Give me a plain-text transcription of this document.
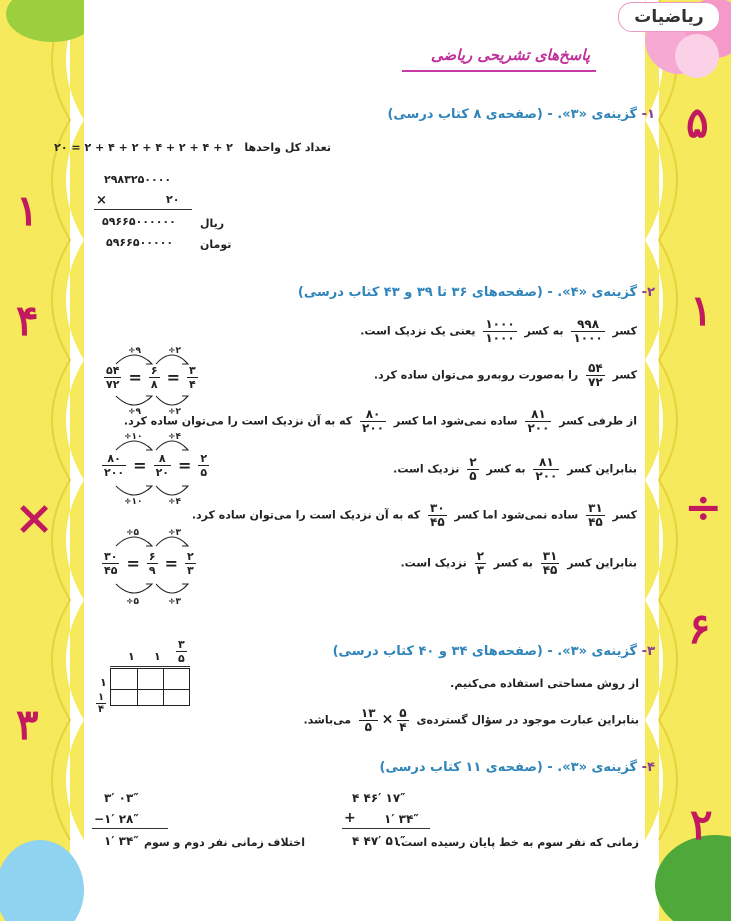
ریاضیات
۵
۱
÷
۶
۲
۱
۴
×
۳
پاسخ‌های تشریحی ریاضی
۱- گزینه‌ی «۳». - (صفحه‌ی ۸ کتاب درسی)
تعداد کل واحدها   ۲ + ۴ + ۲ + ۴ + ۲ + ۴ + ۲ = ۲۰
۲۹۸۳۲۵۰۰۰۰
×	۲۰
۵۹۶۶۵۰۰۰۰۰۰ ریال
۵۹۶۶۵۰۰۰۰۰ تومان
۲- گزینه‌ی «۴». - (صفحه‌های ۳۶ تا ۳۹ و ۴۳ کتاب درسی)
کسر
$\frac{۹۹۸}{۱۰۰۰}$
به کسر
$\frac{۱۰۰۰}{۱۰۰۰}$
یعنی یک نزدیک است.
کسر
$\frac{۵۴}{۷۲}$
را به‌صورت روبه‌رو می‌توان ساده کرد.
از طرفی کسر
$\frac{۸۱}{۲۰۰}$
ساده نمی‌شود اما کسر
$\frac{۸۰}{۲۰۰}$
که به آن نزدیک است را می‌توان ساده کرد.
بنابراین کسر
$\frac{۸۱}{۲۰۰}$
به کسر
$\frac{۲}{۵}$
نزدیک است.
کسر
$\frac{۳۱}{۴۵}$
ساده نمی‌شود اما کسر
$\frac{۳۰}{۴۵}$
که به آن نزدیک است را می‌توان ساده کرد.
بنابراین کسر
$\frac{۳۱}{۴۵}$
به کسر
$\frac{۲}{۳}$
نزدیک است.
÷۹	÷۲
÷۹	÷۲
$\frac{۵۴}{۷۲} = \frac{۶}{۸} = \frac{۳}{۴}$
÷۱۰	÷۴
÷۱۰	÷۴
$\frac{۸۰}{۲۰۰} = \frac{۸}{۲۰} = \frac{۲}{۵}$
÷۵	÷۳
÷۵	÷۳
$\frac{۳۰}{۴۵} = \frac{۶}{۹} = \frac{۲}{۳}$
۳- گزینه‌ی «۳». - (صفحه‌های ۳۴ و ۴۰ کتاب درسی)
از روش مساحتی استفاده می‌کنیم.
بنابراین عبارت موجود در سؤال گسترده‌ی
$\frac{۵}{۴}$
×
$\frac{۱۳}{۵}$
می‌باشد.
۱ ۱ $\frac{۳}{۵}$
۱
$\frac{۱}{۴}$
۴- گزینه‌ی «۳». - (صفحه‌ی ۱۱ کتاب درسی)
۴ ۴۶′ ۱۷″
+ ۱′ ۳۴″
۴ ۴۷′ ۵۱″
زمانی که نفر سوم به خط پایان رسیده است.
۳′ ۰۳″
−۱′ ۲۸″
۱′ ۳۴″ اختلاف زمانی نفر دوم و سوم
